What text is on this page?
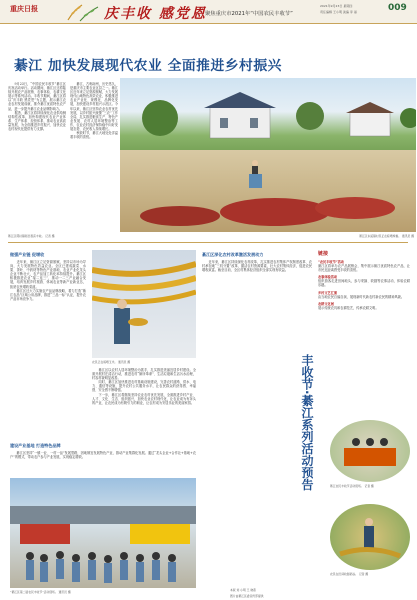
重庆日报	庆丰收 感党恩
聚焦重庆市2021年“中国农民丰收节”
2021年9月23日 星期四
责任编辑 王小明 美编 李 丽	009
綦江 加快发展现代农业 全面推进乡村振兴
綦江区东溪镇村民正在晾晒辣椒。 通讯员 摄
　　綦江，古称南州，历史悠久，是重庆市主要农业区县之一。綦江区近年来立足资源禀赋，大力发展现代山地特色高效农业，积极推进农业产业化、规模化、品牌化发展，加快建设乡村振兴示范区。今年以来，綦江区坚持农业农村优先发展，以乡村振兴统揽“三农”工作全局，扎实推进粮食生产、特色产业发展、农村人居环境整治等工作，农业农村经济保持稳中向好发展态势，农民收入持续增长。
　　秋收时节，綦江大地处处洋溢着丰收的喜悦。
　　9月23日，“中国农民丰收节”綦江区庆祝活动举行。活动期间，綦江区还将陆续开展农产品展销、农事体验、农耕文化展示等系列活动。丰收节期间，綦江区将以“庆丰收 感党恩”为主题，展示綦江农业农村发展成就，推介綦江优质特色农产品，进一步提升綦江农业品牌影响力。
　　据悉，綦江区将持续深化农业供给侧结构性改革，加快构建现代农业产业体系、生产体系、经营体系，推动农业高质量发展，为全面推进乡村振兴、加快农业农村现代化提供有力支撑。
做强产业链 促增收
　　近年来，綦江区立足资源禀赋，坚持以市场为导向，大力发展特色效益农业。全区已建成蔬菜、水果、茶叶、中药材等特色产业基地，农业产业化龙头企业不断壮大，农产品加工转化率持续提升。綦江区积极推进农业“接二连三”，推动一二三产业融合发展，培育发展乡村旅游、休闲农业等新产业新业态，拓宽农民增收渠道。
　　綦江区还大力实施农产品品牌战略，着力打造“綦江农品”区域公用品牌，推进“三品一标”认证，提升农产品市场竞争力。
农民正在晾晒玉米。 通讯员 摄
　　綦江区以农村人居环境整治为抓手，扎实推进美丽宜居乡村建设。全面开展村庄清洁行动，推进农村“厕所革命”、生活垃圾和生活污水治理，村容村貌明显改善。
　　同时，綦江区加快推进农村基础设施建设，完善农村道路、供水、电力、通信等设施，提升农村公共服务水平，让农民群众的获得感、幸福感、安全感不断增强。
　　下一步，綦江区将继续坚持农业农村优先发展，全面推进乡村产业、人才、文化、生态、组织振兴，加快农业农村现代化，让农业成为有奔头的产业，让农民成为有吸引力的职业，让农村成为安居乐业的美丽家园。
建设产业基地 打造特色品牌
　　綦江区坚持“一镇一业、一村一品”发展思路，因地制宜发展特色产业，推动产业集群化发展。通过“龙头企业+合作社+基地+农户”的模式，带动农户参与产业发展，实现稳定增收。
“綦江区第二届农民丰收节”活动现场。 通讯员 摄
綦江区深化农村改革激活发展动力
　　近年来，綦江区持续深化农村改革，扎实推进农村集体产权制度改革、农村承包地“三权分置”改革，激活农村资源要素，壮大农村集体经济，促进农民增收致富。截至目前，全区村集体经济组织全部实现有收益。
链接
“农民丰收节”活动
綦江区将举办农产品展销会，集中展示綦江优质特色农产品，让市民近距离感受丰收的喜悦。
农事体验活动
组织游客走进田间地头，参与采摘、收割等农事活动，体验农耕乐趣。
乡村文艺汇演
由当地农民自编自演，展现新时代新农村新农民的精神风貌。
农耕文化展
展示传统农具和农耕技艺，传承农耕文明。
丰收节·綦江系列活动预告	綦江农民丰收节活动现场。 记者 摄
农民在田间收割稻谷。 记者 摄
本版 刘 小明 王 晓燕
图片由綦江区委宣传部提供
綦江区郭扶镇稻田喜获丰收。 记者 摄
